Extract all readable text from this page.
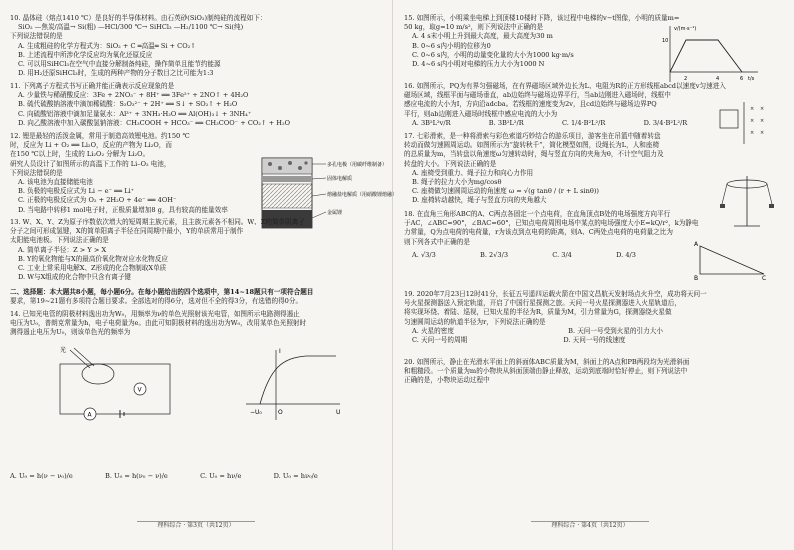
10. 晶体硅（熔点1410 ℃）是良好的半导体材料。由石英砂(SiO₂)制纯硅的流程如下：

SiO₂ —焦炭/高温→ Si(粗) —HCl/300 ℃→ SiHCl₃ —H₂/1100 ℃→ Si(纯)

下列说法错误的是

A. 生成粗硅的化学方程式为：SiO₂ + C ═高温═ Si + CO₂↑

B. 上述流程中所涉化学反应均为氧化还原反应

C. 可以用SiHCl₃在空气中直接分解制备纯硅，操作简单且能节约能源

D. 用H₂还原SiHCl₃时，生成的两种产物的分子数目之比可能为1:3

11. 下列离子方程式书写正确并能正确表示反应现象的是

A. 少量铁与稀硝酸反应：3Fe + 2NO₃⁻ + 8H⁺ ══ 3Fe²⁺ + 2NO↑ + 4H₂O

B. 硫代硫酸钠溶液中滴加稀硫酸：S₂O₃²⁻ + 2H⁺ ══ S↓ + SO₂↑ + H₂O

C. 向硫酸铝溶液中滴加足量氨水：Al³⁺ + 3NH₃·H₂O ══ Al(OH)₃↓ + 3NH₄⁺

D. 向乙酸溶液中加入碳酸氢钠溶液：CH₃COOH + HCO₃⁻ ══ CH₃COO⁻ + CO₂↑ + H₂O

12. 锂是最轻的活泼金属，常用于制造高效锂电池。约150 ℃

时，反应为 Li + O₂ ══ Li₂O，反应的产物为 Li₂O，而

在150 ℃以上时，生成的 Li₂O₂ 分解为 Li₂O。

研究人员设计了如图所示的高温下工作的 Li–O₂ 电池，

下列说法错误的是

A. 该电池为直接储能电池

B. 负极的电极反应式为 Li − e⁻ ══ Li⁺

C. 正极的电极反应式为 O₂ + 2H₂O + 4e⁻ ══ 4OH⁻

D. 当电路中转移1 mol电子时，正极质量增加8 g，具有较高的能量效率

多孔电极（用碳纤维制备）
固体电解质
熔融盐电解质（用硝酸锂熔融）
金属锂

13. W、X、Y、Z为原子序数依次增大的短周期主族元素，且主族元素各不相同。W、Z的简单阴离子

分子之间可形成氢键，X的简单阳离子半径在同周期中最小，Y的单质常用于制作

太阳能电池板。下列说法正确的是

A. 简单离子半径：Z > Y > X

B. Y的氧化物能与X的最高价氧化物对应水化物反应

C. 工业上常采用电解X、Z形成的化合物制取X单质

D. W与X组成的化合物中只含有离子键

二、选择题：本大题共8小题，每小题6分。在每小题给出的四个选项中，第14~18题只有一项符合题目

要求，第19~21题有多项符合题目要求。全部选对的得6分，选对但不全的得3分，有选错的得0分。

14. 已知光电管的阴极材料逸出功为W₀，用频率为ν的单色光照射该光电管，如图所示电路测得遏止

电压为U₀，普朗克常量为h，电子电荷量为e。由此可知阴极材料的逸出功为W₀，改用某单色光照射时

测得遏止电压为U₀，则该单色光的频率为

光
V
A	U
−U₀	O
I

A. U₀ = h(ν − ν₀)/e	B. U₀ = h(ν₀ − ν)/e	C. U₀ = hν/e	D. U₀ = hν₀/e

理科综合 · 第3页（共12页）

15. 如图所示，小明乘坐电梯上到顶楼10楼时下降，该过程中电梯的v−t图像，小明的质量m=

50 kg，取g=10 m/s²，则下列说法中正确的是

A. 4 s末小明上升到最大高度，最大高度为30 m

B. 0~6 s内小明的位移为0

C. 0~6 s内，小明的动量变化量的大小为1000 kg·m/s

D. 4~6 s内小明对电梯的压力大小为1000 N

v/(m·s⁻¹)
t/s
2	4	6
10

16. 如图所示，PQ为有界匀强磁场，在有界磁场区域外边长为L、电阻为R的正方形线框abcd以速度v匀速进入

磁场区域，线框平面与磁场垂直，ab边始终与磁场边界平行，当ab边刚进入磁场时，线框中

感应电流的大小为I，方向沿adcba。若线框的速度变为2v，且cd边始终与磁场边界PQ

平行，则ab边刚进入磁场时线框中感应电流的大小为

A. 3B²L²v/R	B. 3B²L²/R	C. 1/4·B²L²/R	D. 3/4·B²L²/R

× ×
× ×
× ×

17. 七彩滑索，是一种将滑索与彩色索道巧妙结合的游乐项目，游客坐在吊篮中随着转盘

转动而做匀速圆周运动。如图所示为“旋转秋千”，简化模型如图，设绳长为L，人和座椅

的总质量为m，当转盘以角速度ω匀速转动时，绳与竖直方向的夹角为θ，不计空气阻力及

转盘的大小。下列说法正确的是

A. 座椅受到重力、绳子拉力和向心力作用

B. 绳子的拉力大小为mg/cosθ

C. 座椅做匀速圆周运动的角速度 ω = √(g tanθ / (r + L sinθ))

D. 座椅转动越快，绳子与竖直方向的夹角越大

18. 在直角三角形ABC的A、C两点各固定一个点电荷，在直角顶点B处的电场强度方向平行

于AC，∠ABC=90°，∠BAC=60°，已知点电荷周围电场中某点的电场强度大小E=kQ/r²，k为静电

力常量，Q为点电荷的电荷量，r为该点到点电荷的距离，则A、C两处点电荷的电荷量之比为

则下列各式中正确的是

A. √3/3	B. 2√3/3	C. 3/4	D. 4/3

A
B	C

19. 2020年7月23日12时41分，长征五号遥四运载火箭在中国文昌航天发射场点火升空，成功将天问一

号火星探测器送入预定轨道，开启了中国行星探测之旅。天问一号火星探测器进入火星轨道后，

将实现环绕、着陆、巡视，已知火星的半径为R，质量为M，引力常量为G，探测器绕火星做

匀速圆周运动的轨道半径为r，下列说法正确的是

A. 火星的密度	B. 天问一号受到火星的引力大小

C. 天问一号的周期	D. 天问一号的线速度

20. 如图所示，静止在光滑水平面上的斜面体ABC质量为M，斜面上的A点和PB两段均为光滑斜面

和粗糙段。一个质量为m的小物块从斜面顶端由静止释放，运动到底端时恰好停止，则下列说法中

正确的是，小物块运动过程中

理科综合 · 第4页（共12页）
